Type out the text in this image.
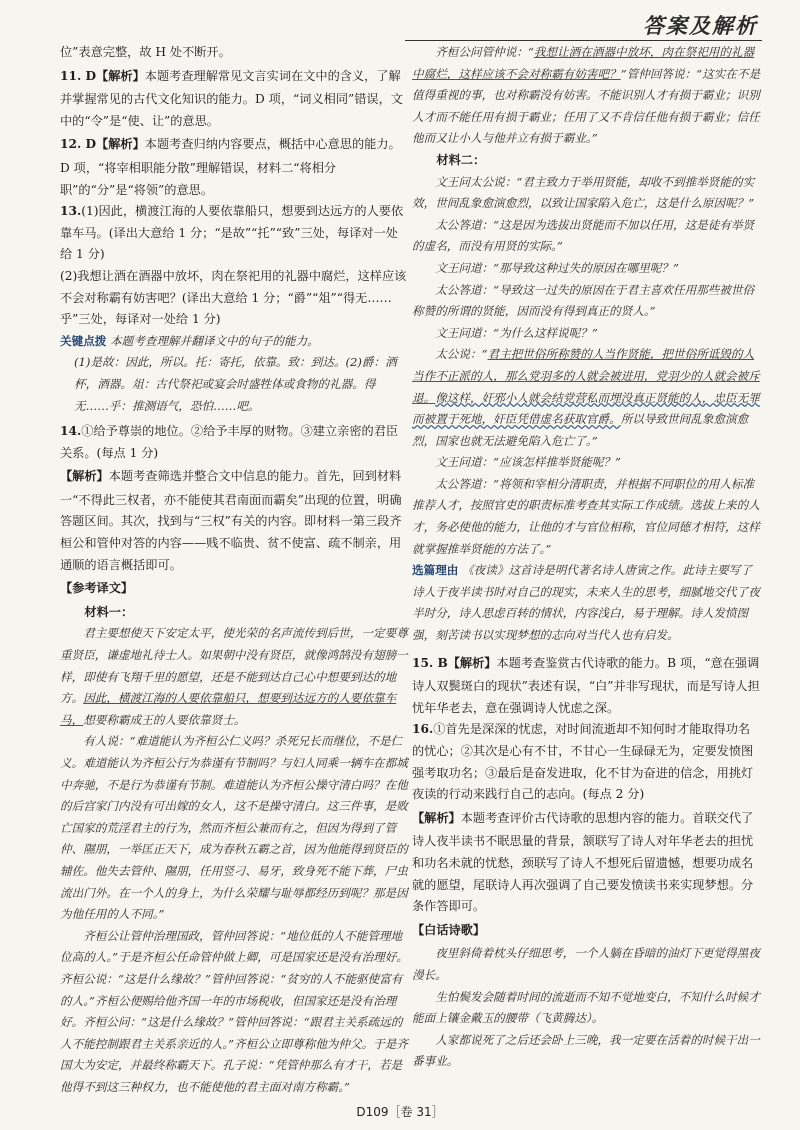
答案及解析

位”表意完整，故 H 处不断开。

11. D【解析】本题考查理解常见文言实词在文中的含义，了解并掌握常见的古代文化知识的能力。D 项，“词义相同”错误，文中的“令”是“使、让”的意思。

12. D【解析】本题考查归纳内容要点，概括中心意思的能力。D 项，“将宰相职能分散”理解错误，材料二“将相分职”的“分”是“将领”的意思。

13.(1)因此，横渡江海的人要依靠船只，想要到达远方的人要依靠车马。(译出大意给 1 分；“是故”“托”“致”三处，每译对一处给 1 分)

(2)我想让酒在酒器中放坏，肉在祭祀用的礼器中腐烂，这样应该不会对称霸有妨害吧？(译出大意给 1 分；“爵”“俎”“得无……乎”三处，每译对一处给 1 分)

关键点拨 本题考查理解并翻译文中的句子的能力。

(1)是故：因此，所以。托：寄托，依靠。致：到达。(2)爵：酒杯，酒器。俎：古代祭祀或宴会时盛牲体或食物的礼器。得无……乎：推测语气，恐怕……吧。

14.①给予尊崇的地位。②给予丰厚的财物。③建立亲密的君臣关系。(每点 1 分)

【解析】本题考查筛选并整合文中信息的能力。首先，回到材料一“不得此三权者，亦不能使其君南面而霸矣”出现的位置，明确答题区间。其次，找到与“三权”有关的内容。即材料一第三段齐桓公和管仲对答的内容——贱不临贵、贫不使富、疏不制亲，用通顺的语言概括即可。

【参考译文】

材料一：

君主要想使天下安定太平，使光荣的名声流传到后世，一定要尊重贤臣，谦虚地礼待士人。如果朝中没有贤臣，就像鸿鹄没有翅膀一样，即使有飞翔千里的愿望，还是不能到达自己心中想要到达的地方。因此，横渡江海的人要依靠船只，想要到达远方的人要依靠车马，想要称霸成王的人要依靠贤士。

有人说：“难道能认为齐桓公仁义吗？杀死兄长而继位，不是仁义。难道能认为齐桓公行为恭谨有节制吗？与妇人同乘一辆车在都城中奔驰，不是行为恭谨有节制。难道能认为齐桓公操守清白吗？在他的后宫家门内没有可出嫁的女人，这不是操守清白。这三件事，是败亡国家的荒淫君主的行为，然而齐桓公兼而有之，但因为得到了管仲、隰朋，一举匡正天下，成为春秋五霸之首，因为他能得到贤臣的辅佐。他失去管仲、隰朋，任用竖刁、易牙，致身死不能下葬，尸虫流出门外。在一个人的身上，为什么荣耀与耻辱都经历到呢？那是因为他任用的人不同。”

齐桓公让管仲治理国政，管仲回答说：“地位低的人不能管理地位高的人。”于是齐桓公任命管仲做上卿，可是国家还是没有治理好。齐桓公说：“这是什么缘故？”管仲回答说：“贫穷的人不能驱使富有的人。”齐桓公便赐给他齐国一年的市场税收，但国家还是没有治理好。齐桓公问：“这是什么缘故？”管仲回答说：“跟君主关系疏远的人不能控制跟君主关系亲近的人。”齐桓公立即尊称他为仲父。于是齐国大为安定，并最终称霸天下。孔子说：“凭管仲那么有才干，若是他得不到这三种权力，也不能使他的君主面对南方称霸。”

齐桓公问管仲说：“我想让酒在酒器中放坏，肉在祭祀用的礼器中腐烂，这样应该不会对称霸有妨害吧？”管仲回答说：“这实在不是值得重视的事，也对称霸没有妨害。不能识别人才有损于霸业；识别人才而不能任用有损于霸业；任用了又不肯信任他有损于霸业；信任他而又让小人与他并立有损于霸业。”

材料二：

文王问太公说：“君主致力于举用贤能，却收不到推举贤能的实效，世间乱象愈演愈烈，以致让国家陷入危亡，这是什么原因呢？”

太公答道：“这是因为选拔出贤能而不加以任用，这是徒有举贤的虚名，而没有用贤的实际。”

文王问道：“那导致这种过失的原因在哪里呢？”

太公答道：“导致这一过失的原因在于君主喜欢任用那些被世俗称赞的所谓的贤能，因而没有得到真正的贤人。”

文王问道：“为什么这样说呢？”

太公说：“君主把世俗所称赞的人当作贤能，把世俗所诋毁的人当作不正派的人，那么党羽多的人就会被进用，党羽少的人就会被斥退。像这样，奸邪小人就会结党营私而埋没真正贤能的人，忠臣无罪而被置于死地，奸臣凭借虚名获取官爵。所以导致世间乱象愈演愈烈，国家也就无法避免陷入危亡了。”

文王问道：“应该怎样推举贤能呢？”

太公答道：“将领和宰相分清职责，并根据不同职位的用人标准推荐人才，按照官吏的职责标准考查其实际工作成绩。选拔上来的人才，务必使他的能力，让他的才与官位相称，官位同德才相符，这样就掌握推举贤能的方法了。”

选篇理由 《夜读》这首诗是明代著名诗人唐寅之作。此诗主要写了诗人于夜半读书时对自己的现实，未来人生的思考，细腻地交代了夜半时分，诗人思虑百转的情状，内容浅白，易于理解。诗人发愤图强，刻苦读书以实现梦想的志向对当代人也有启发。

15. B【解析】本题考查鉴赏古代诗歌的能力。B 项，“意在强调诗人双鬓斑白的现状”表述有误，“白”并非写现状，而是写诗人担忧年华老去，意在强调诗人忧虑之深。

16.①首先是深深的忧虑，对时间流逝却不知何时才能取得功名的忧心；②其次是心有不甘，不甘心一生碌碌无为，定要发愤图强考取功名；③最后是奋发进取，化不甘为奋进的信念，用挑灯夜读的行动来践行自己的志向。(每点 2 分)

【解析】本题考查评价古代诗歌的思想内容的能力。首联交代了诗人夜半读书不眠思量的背景，颔联写了诗人对年华老去的担忧和功名未就的忧愁，颈联写了诗人不想死后留遗憾，想要功成名就的愿望，尾联诗人再次强调了自己要发愤读书来实现梦想。分条作答即可。

【白话诗歌】

夜里斜倚着枕头仔细思考，一个人躺在昏暗的油灯下更觉得黑夜漫长。

生怕鬓发会随着时间的流逝而不知不觉地变白，不知什么时候才能面上镶金戴玉的腰带（飞黄腾达）。

人家都说死了之后还会卧上三晚，我一定要在活着的时候干出一番事业。

D109［卷 31］
